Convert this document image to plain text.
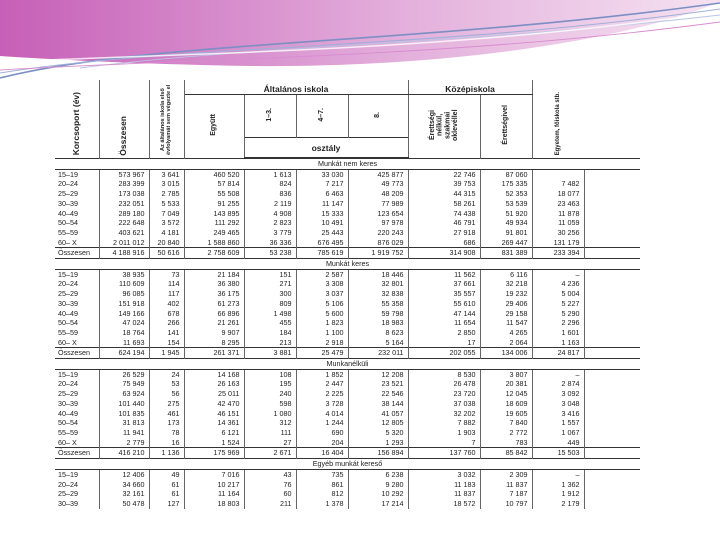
Korcsoport (év)	Összesen	Az általános iskola első évfolyamát sem végezte el	Általános iskola				Középiskola		Egyetem, főiskola stb.	
			Együtt	1–3.	4–7.	8.	Érettségi nélkül, szakmai oklevéllel	Érettségivel		
				osztály						
Munkát nem keres										
15–19	573 967	3 641	460 520	1 613	33 030	425 877	22 746	87 060		
20–24	283 399	3 015	57 814	824	7 217	49 773	39 753	175 335	7 482	
25–29	173 038	2 785	55 508	836	6 463	48 209	44 315	52 353	18 077	
30–39	232 051	5 533	91 255	2 119	11 147	77 989	58 261	53 539	23 463	
40–49	289 180	7 049	143 895	4 908	15 333	123 654	74 438	51 920	11 878	
50–54	222 648	3 572	111 292	2 823	10 491	97 978	46 791	49 934	11 059	
55–59	403 621	4 181	249 465	3 779	25 443	220 243	27 918	91 801	30 256	
60– X	2 011 012	20 840	1 588 860	36 336	676 495	876 029	686	269 447	131 179	
Összesen	4 188 916	50 616	2 758 609	53 238	785 619	1 919 752	314 908	831 389	233 394	
Munkát keres										
15–19	38 935	73	21 184	151	2 587	18 446	11 562	6 116	–	
20–24	110 609	114	36 380	271	3 308	32 801	37 661	32 218	4 236	
25–29	96 085	117	36 175	300	3 037	32 838	35 557	19 232	5 004	
30–39	151 918	402	61 273	809	5 106	55 358	55 610	29 406	5 227	
40–49	149 166	678	66 896	1 498	5 600	59 798	47 144	29 158	5 290	
50–54	47 024	266	21 261	455	1 823	18 983	11 654	11 547	2 296	
55–59	18 764	141	9 907	184	1 100	8 623	2 850	4 265	1 601	
60– X	11 693	154	8 295	213	2 918	5 164	17	2 064	1 163	
Összesen	624 194	1 945	261 371	3 881	25 479	232 011	202 055	134 006	24 817	
Munkanélküli										
15–19	26 529	24	14 168	108	1 852	12 208	8 530	3 807	–	
20–24	75 949	53	26 163	195	2 447	23 521	26 478	20 381	2 874	
25–29	63 924	56	25 011	240	2 225	22 546	23 720	12 045	3 092	
30–39	101 440	275	42 470	598	3 728	38 144	37 038	18 609	3 048	
40–49	101 835	461	46 151	1 080	4 014	41 057	32 202	19 605	3 416	
50–54	31 813	173	14 361	312	1 244	12 805	7 882	7 840	1 557	
55–59	11 941	78	6 121	111	690	5 320	1 903	2 772	1 067	
60– X	2 779	16	1 524	27	204	1 293	7	783	449	
Összesen	416 210	1 136	175 969	2 671	16 404	156 894	137 760	85 842	15 503	
Egyéb munkát kereső										
15–19	12 406	49	7 016	43	735	6 238	3 032	2 309	–	
20–24	34 660	61	10 217	76	861	9 280	11 183	11 837	1 362	
25–29	32 161	61	11 164	60	812	10 292	11 837	7 187	1 912	
30–39	50 478	127	18 803	211	1 378	17 214	18 572	10 797	2 179	
